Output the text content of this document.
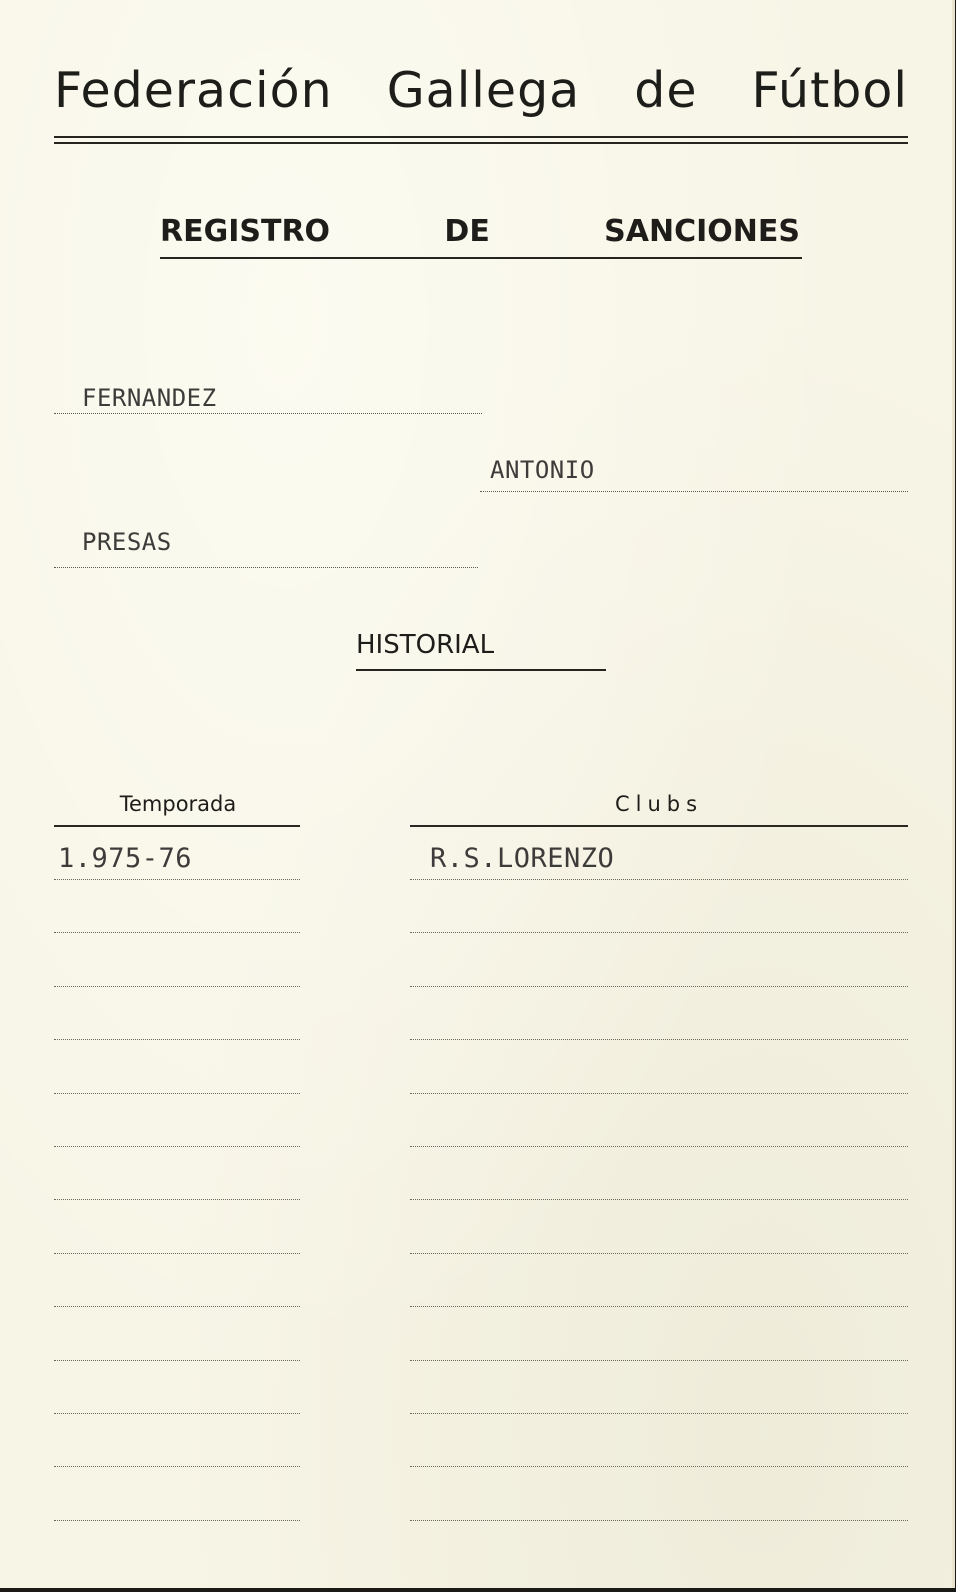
Federación Gallega de Fútbol
REGISTRO DE SANCIONES
FERNANDEZ
ANTONIO
PRESAS
HISTORIAL
Temporada	Clubs
1.975-76	R.S.LORENZO
